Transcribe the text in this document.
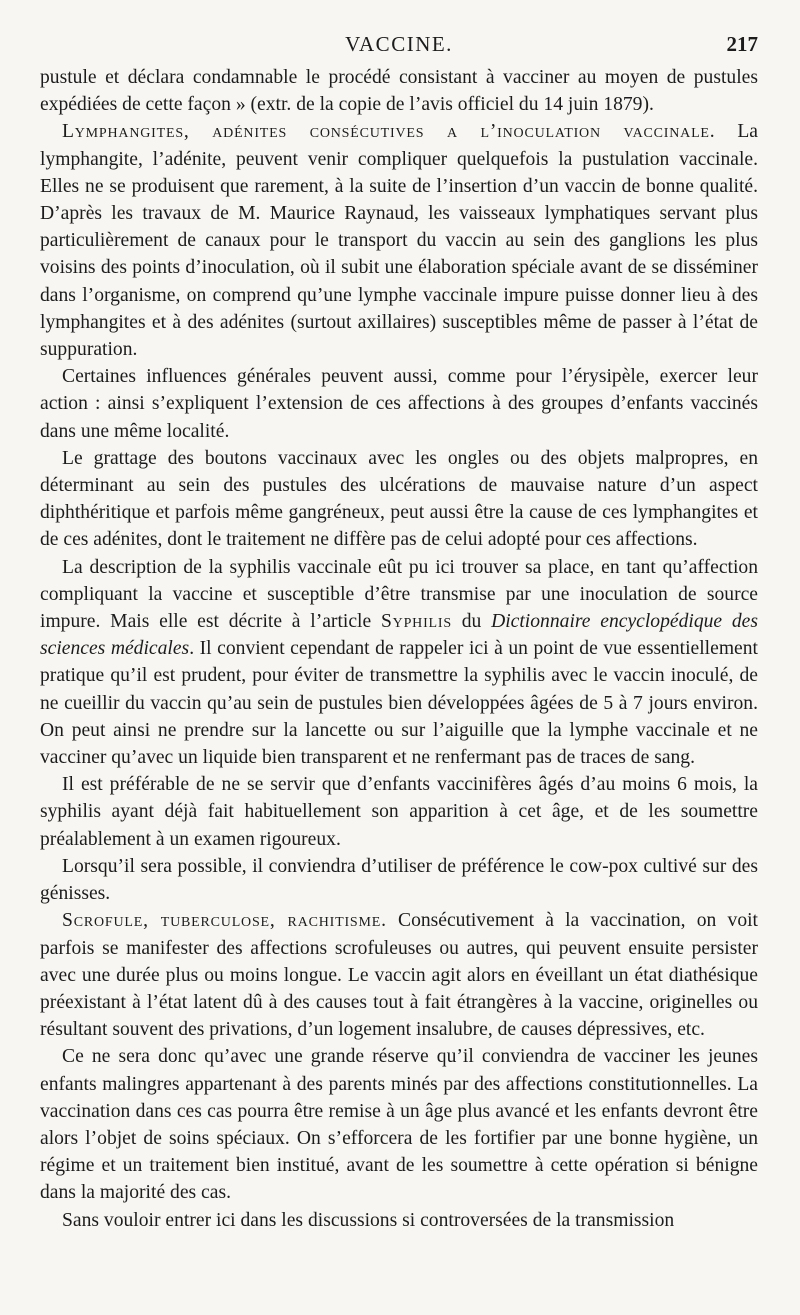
VACCINE.	217

pustule et déclara condamnable le procédé consistant à vacciner au moyen de pustules expédiées de cette façon » (extr. de la copie de l’avis officiel du 14 juin 1879).

Lymphangites, adénites consécutives a l’inoculation vaccinale. La lymphangite, l’adénite, peuvent venir compliquer quelquefois la pustulation vaccinale. Elles ne se produisent que rarement, à la suite de l’insertion d’un vaccin de bonne qualité. D’après les travaux de M. Maurice Raynaud, les vaisseaux lymphatiques servant plus particulièrement de canaux pour le transport du vaccin au sein des ganglions les plus voisins des points d’inoculation, où il subit une élaboration spéciale avant de se disséminer dans l’organisme, on comprend qu’une lymphe vaccinale impure puisse donner lieu à des lymphangites et à des adénites (surtout axillaires) susceptibles même de passer à l’état de suppuration.

Certaines influences générales peuvent aussi, comme pour l’érysipèle, exercer leur action : ainsi s’expliquent l’extension de ces affections à des groupes d’enfants vaccinés dans une même localité.

Le grattage des boutons vaccinaux avec les ongles ou des objets malpropres, en déterminant au sein des pustules des ulcérations de mauvaise nature d’un aspect diphthéritique et parfois même gangréneux, peut aussi être la cause de ces lymphangites et de ces adénites, dont le traitement ne diffère pas de celui adopté pour ces affections.

La description de la syphilis vaccinale eût pu ici trouver sa place, en tant qu’affection compliquant la vaccine et susceptible d’être transmise par une inoculation de source impure. Mais elle est décrite à l’article Syphilis du Dictionnaire encyclopédique des sciences médicales. Il convient cependant de rappeler ici à un point de vue essentiellement pratique qu’il est prudent, pour éviter de transmettre la syphilis avec le vaccin inoculé, de ne cueillir du vaccin qu’au sein de pustules bien développées âgées de 5 à 7 jours environ. On peut ainsi ne prendre sur la lancette ou sur l’aiguille que la lymphe vaccinale et ne vacciner qu’avec un liquide bien transparent et ne renfermant pas de traces de sang.

Il est préférable de ne se servir que d’enfants vaccinifères âgés d’au moins 6 mois, la syphilis ayant déjà fait habituellement son apparition à cet âge, et de les soumettre préalablement à un examen rigoureux.

Lorsqu’il sera possible, il conviendra d’utiliser de préférence le cow-pox cultivé sur des génisses.

Scrofule, tuberculose, rachitisme. Consécutivement à la vaccination, on voit parfois se manifester des affections scrofuleuses ou autres, qui peuvent ensuite persister avec une durée plus ou moins longue. Le vaccin agit alors en éveillant un état diathésique préexistant à l’état latent dû à des causes tout à fait étrangères à la vaccine, originelles ou résultant souvent des privations, d’un logement insalubre, de causes dépressives, etc.

Ce ne sera donc qu’avec une grande réserve qu’il conviendra de vacciner les jeunes enfants malingres appartenant à des parents minés par des affections constitutionnelles. La vaccination dans ces cas pourra être remise à un âge plus avancé et les enfants devront être alors l’objet de soins spéciaux. On s’efforcera de les fortifier par une bonne hygiène, un régime et un traitement bien institué, avant de les soumettre à cette opération si bénigne dans la majorité des cas.

Sans vouloir entrer ici dans les discussions si controversées de la transmission
